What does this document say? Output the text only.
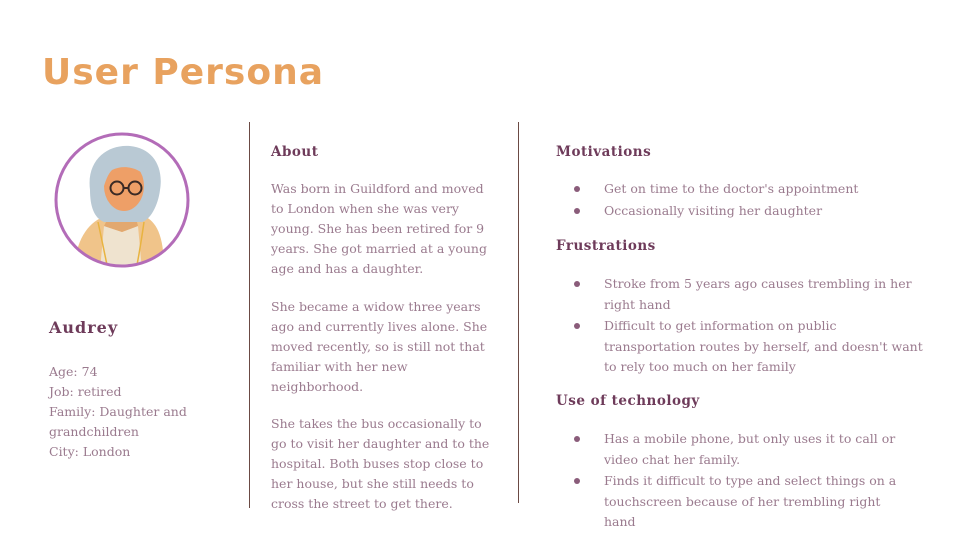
User Persona
Audrey
Age: 74
Job: retired
Family: Daughter and grandchildren
City: London
About

Was born in Guildford and moved to London when she was very young. She has been retired for 9 years. She got married at a young age and has a daughter.

She became a widow three years ago and currently lives alone. She moved recently, so is still not that familiar with her new neighborhood.

She takes the bus occasionally to go to visit her daughter and to the hospital. Both buses stop close to her house, but she still needs to cross the street to get there.

Motivations
Get on time to the doctor's appointment
Occasionally visiting her daughter
Frustrations
Stroke from 5 years ago causes trembling in her right hand
Difficult to get information on public transportation routes by herself, and doesn't want to rely too much on her family
Use of technology
Has a mobile phone, but only uses it to call or video chat her family.
Finds it difficult to type and select things on a touchscreen because of her trembling right hand
